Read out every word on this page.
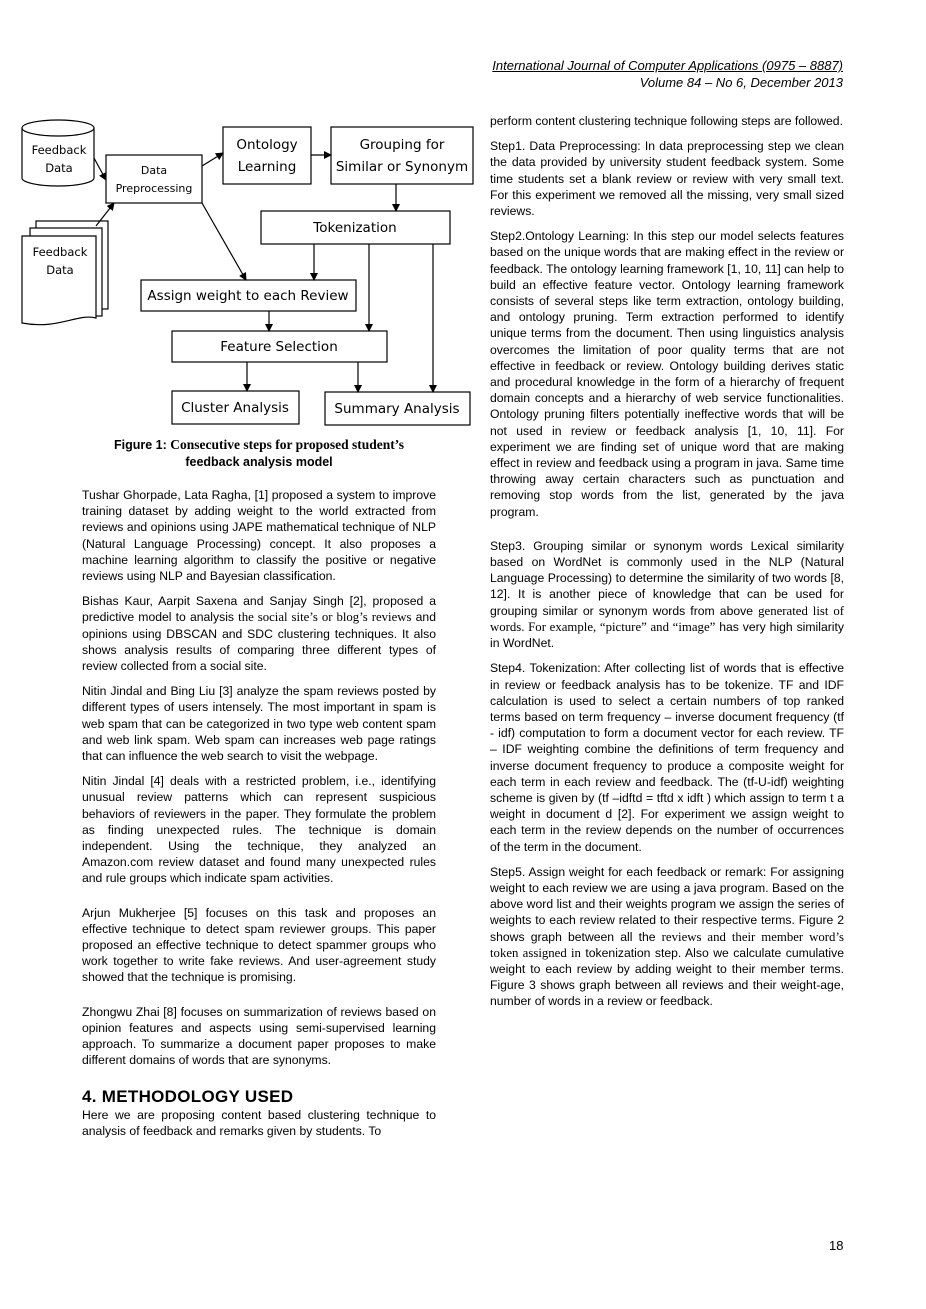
International Journal of Computer Applications (0975 – 8887)
Volume 84 – No 6, December 2013
Feedback
Data
Feedback
Data
Data
Preprocessing
Ontology
Learning
Grouping for
Similar or Synonym
Tokenization
Assign weight to each Review
Feature Selection
Cluster Analysis	Summary Analysis
Figure 1: Consecutive steps for proposed student’s
feedback analysis model

Tushar Ghorpade, Lata Ragha, [1] proposed a system to improve training dataset by adding weight to the world extracted from reviews and opinions using JAPE mathematical technique of NLP (Natural Language Processing) concept. It also proposes a machine learning algorithm to classify the positive or negative reviews using NLP and Bayesian classification.

Bishas Kaur, Aarpit Saxena and Sanjay Singh [2], proposed a predictive model to analysis the social site’s or blog’s reviews and opinions using DBSCAN and SDC clustering techniques. It also shows analysis results of comparing three different types of review collected from a social site.

Nitin Jindal and Bing Liu [3] analyze the spam reviews posted by different types of users intensely. The most important in spam is web spam that can be categorized in two type web content spam and web link spam. Web spam can increases web page ratings that can influence the web search to visit the webpage.

Nitin Jindal [4] deals with a restricted problem, i.e., identifying unusual review patterns which can represent suspicious behaviors of reviewers in the paper. They formulate the problem as finding unexpected rules. The technique is domain independent. Using the technique, they analyzed an Amazon.com review dataset and found many unexpected rules and rule groups which indicate spam activities.

Arjun Mukherjee [5] focuses on this task and proposes an effective technique to detect spam reviewer groups. This paper proposed an effective technique to detect spammer groups who work together to write fake reviews. And user-agreement study showed that the technique is promising.

Zhongwu Zhai [8] focuses on summarization of reviews based on opinion features and aspects using semi-supervised learning approach. To summarize a document paper proposes to make different domains of words that are synonyms.

4. METHODOLOGY USED

Here we are proposing content based clustering technique to analysis of feedback and remarks given by students. To

perform content clustering technique following steps are followed.

Step1. Data Preprocessing: In data preprocessing step we clean the data provided by university student feedback system. Some time students set a blank review or review with very small text. For this experiment we removed all the missing, very small sized reviews.

Step2.Ontology Learning: In this step our model selects features based on the unique words that are making effect in the review or feedback. The ontology learning framework [1, 10, 11] can help to build an effective feature vector. Ontology learning framework consists of several steps like term extraction, ontology building, and ontology pruning. Term extraction performed to identify unique terms from the document. Then using linguistics analysis overcomes the limitation of poor quality terms that are not effective in feedback or review. Ontology building derives static and procedural knowledge in the form of a hierarchy of frequent domain concepts and a hierarchy of web service functionalities. Ontology pruning filters potentially ineffective words that will be not used in review or feedback analysis [1, 10, 11]. For experiment we are finding set of unique word that are making effect in review and feedback using a program in java. Same time throwing away certain characters such as punctuation and removing stop words from the list, generated by the java program.

Step3. Grouping similar or synonym words Lexical similarity based on WordNet is commonly used in the NLP (Natural Language Processing) to determine the similarity of two words [8, 12]. It is another piece of knowledge that can be used for grouping similar or synonym words from above generated list of words. For example, “picture” and “image” has very high similarity in WordNet.

Step4. Tokenization: After collecting list of words that is effective in review or feedback analysis has to be tokenize. TF and IDF calculation is used to select a certain numbers of top ranked terms based on term frequency – inverse document frequency (tf - idf) computation to form a document vector for each review. TF – IDF weighting combine the definitions of term frequency and inverse document frequency to produce a composite weight for each term in each review and feedback. The (tf-U-idf) weighting scheme is given by (tf –idftd = tftd x idft ) which assign to term t a weight in document d [2]. For experiment we assign weight to each term in the review depends on the number of occurrences of the term in the document.

Step5. Assign weight for each feedback or remark: For assigning weight to each review we are using a java program. Based on the above word list and their weights program we assign the series of weights to each review related to their respective terms. Figure 2 shows graph between all the reviews and their member word’s token assigned in tokenization step. Also we calculate cumulative weight to each review by adding weight to their member terms. Figure 3 shows graph between all reviews and their weight-age, number of words in a review or feedback.

18
